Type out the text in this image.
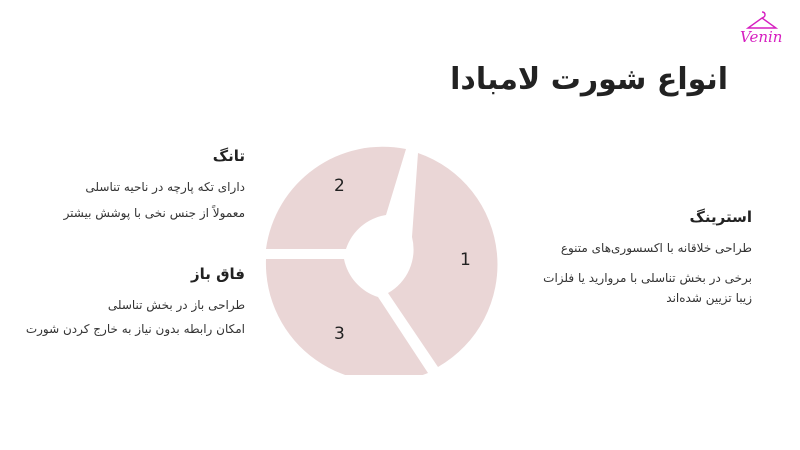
Venin
انواع شورت لامبادا
تانگ

دارای تکه پارچه در ناحیه تناسلی

معمولاً از جنس نخی با پوشش بیشتر

فاق باز

طراحی باز در بخش تناسلی

امکان رابطه بدون نیاز به خارج کردن شورت

استرینگ

طراحی خلاقانه با اکسسوری‌های متنوع

برخی در بخش تناسلی با مروارید یا فلزات زیبا تزیین شده‌اند

1
2
3
